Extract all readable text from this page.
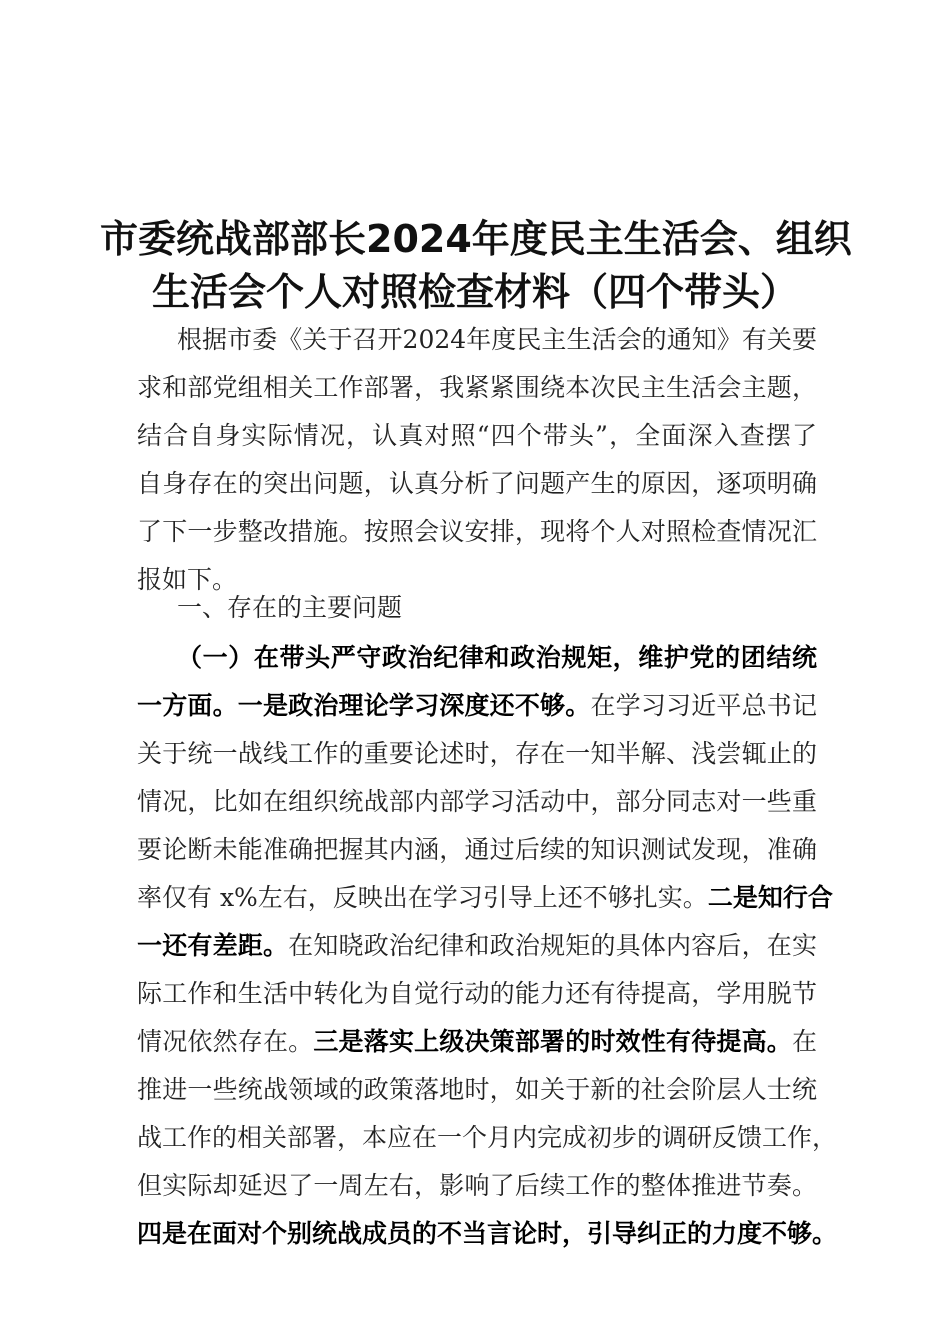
市委统战部部长2024年度民主生活会、组织
生活会个人对照检查材料（四个带头）
根据市委《关于召开2024年度民主生活会的通知》有关要
求和部党组相关工作部署，我紧紧围绕本次民主生活会主题，
结合自身实际情况，认真对照“四个带头”，全面深入查摆了
自身存在的突出问题，认真分析了问题产生的原因，逐项明确
了下一步整改措施。按照会议安排，现将个人对照检查情况汇
报如下。
一、存在的主要问题
（一）在带头严守政治纪律和政治规矩，维护党的团结统
一方面。一是政治理论学习深度还不够。在学习习近平总书记
关于统一战线工作的重要论述时，存在一知半解、浅尝辄止的
情况，比如在组织统战部内部学习活动中，部分同志对一些重
要论断未能准确把握其内涵，通过后续的知识测试发现，准确
率仅有 x%左右，反映出在学习引导上还不够扎实。二是知行合
一还有差距。在知晓政治纪律和政治规矩的具体内容后，在实
际工作和生活中转化为自觉行动的能力还有待提高，学用脱节
情况依然存在。三是落实上级决策部署的时效性有待提高。在
推进一些统战领域的政策落地时，如关于新的社会阶层人士统
战工作的相关部署，本应在一个月内完成初步的调研反馈工作，
但实际却延迟了一周左右，影响了后续工作的整体推进节奏。
四是在面对个别统战成员的不当言论时，引导纠正的力度不够。
